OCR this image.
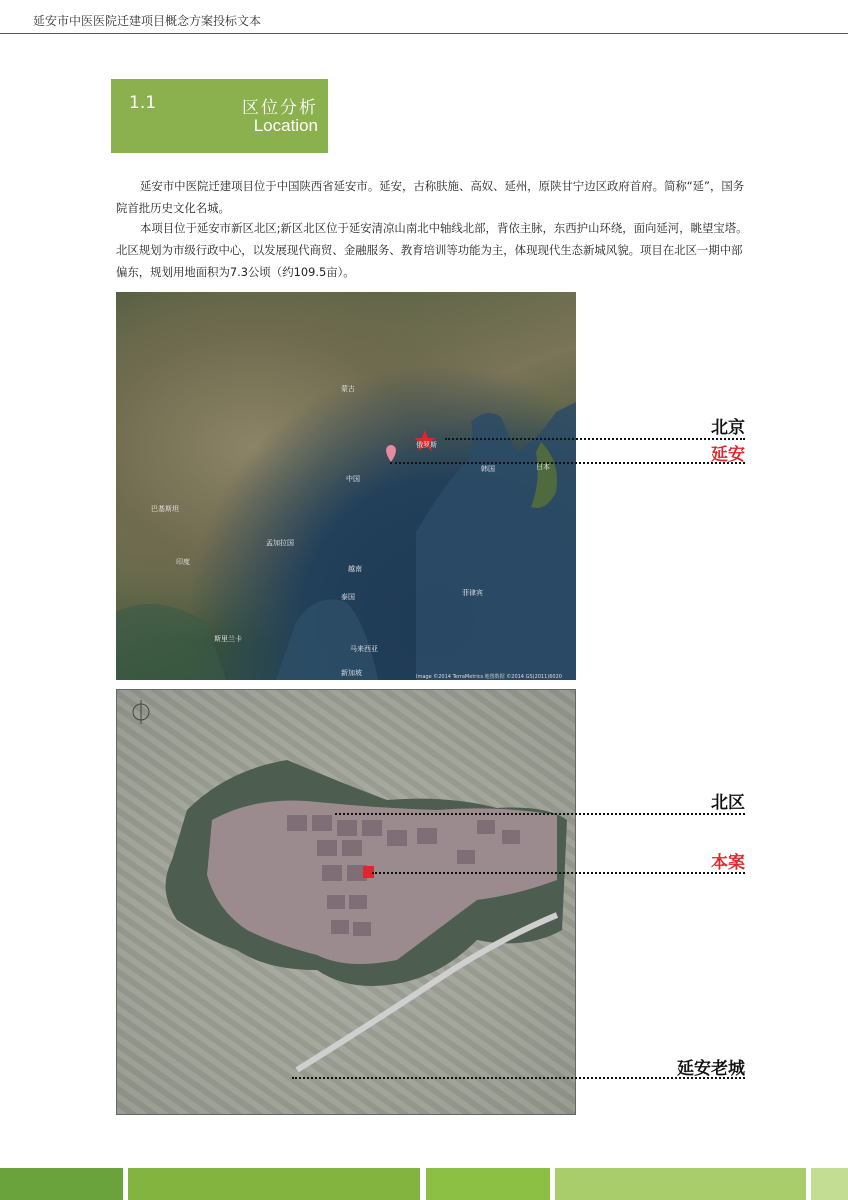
延安市中医医院迁建项目概念方案投标文本
1.1	区位分析
Location

延安市中医院迁建项目位于中国陕西省延安市。延安，古称肤施、高奴、延州，原陕甘宁边区政府首府。简称“延”，国务院首批历史文化名城。

本项目位于延安市新区北区;新区北区位于延安清凉山南北中轴线北部，背依主脉，东西护山环绕，面向延河，眺望宝塔。北区规划为市级行政中心，以发展现代商贸、金融服务、教育培训等功能为主，体现现代生态新城风貌。项目在北区一期中部偏东，规划用地面积为7.3公顷（约109.5亩）。

俄罗斯
蒙古
中国
日本
韩国
印度
巴基斯坦
孟加拉国
泰国
越南
菲律宾
马来西亚
新加坡
斯里兰卡
Image ©2014 TerraMetrics 地图数据 ©2014 GS(2011)6020
北京
延安
北区
本案
延安老城
